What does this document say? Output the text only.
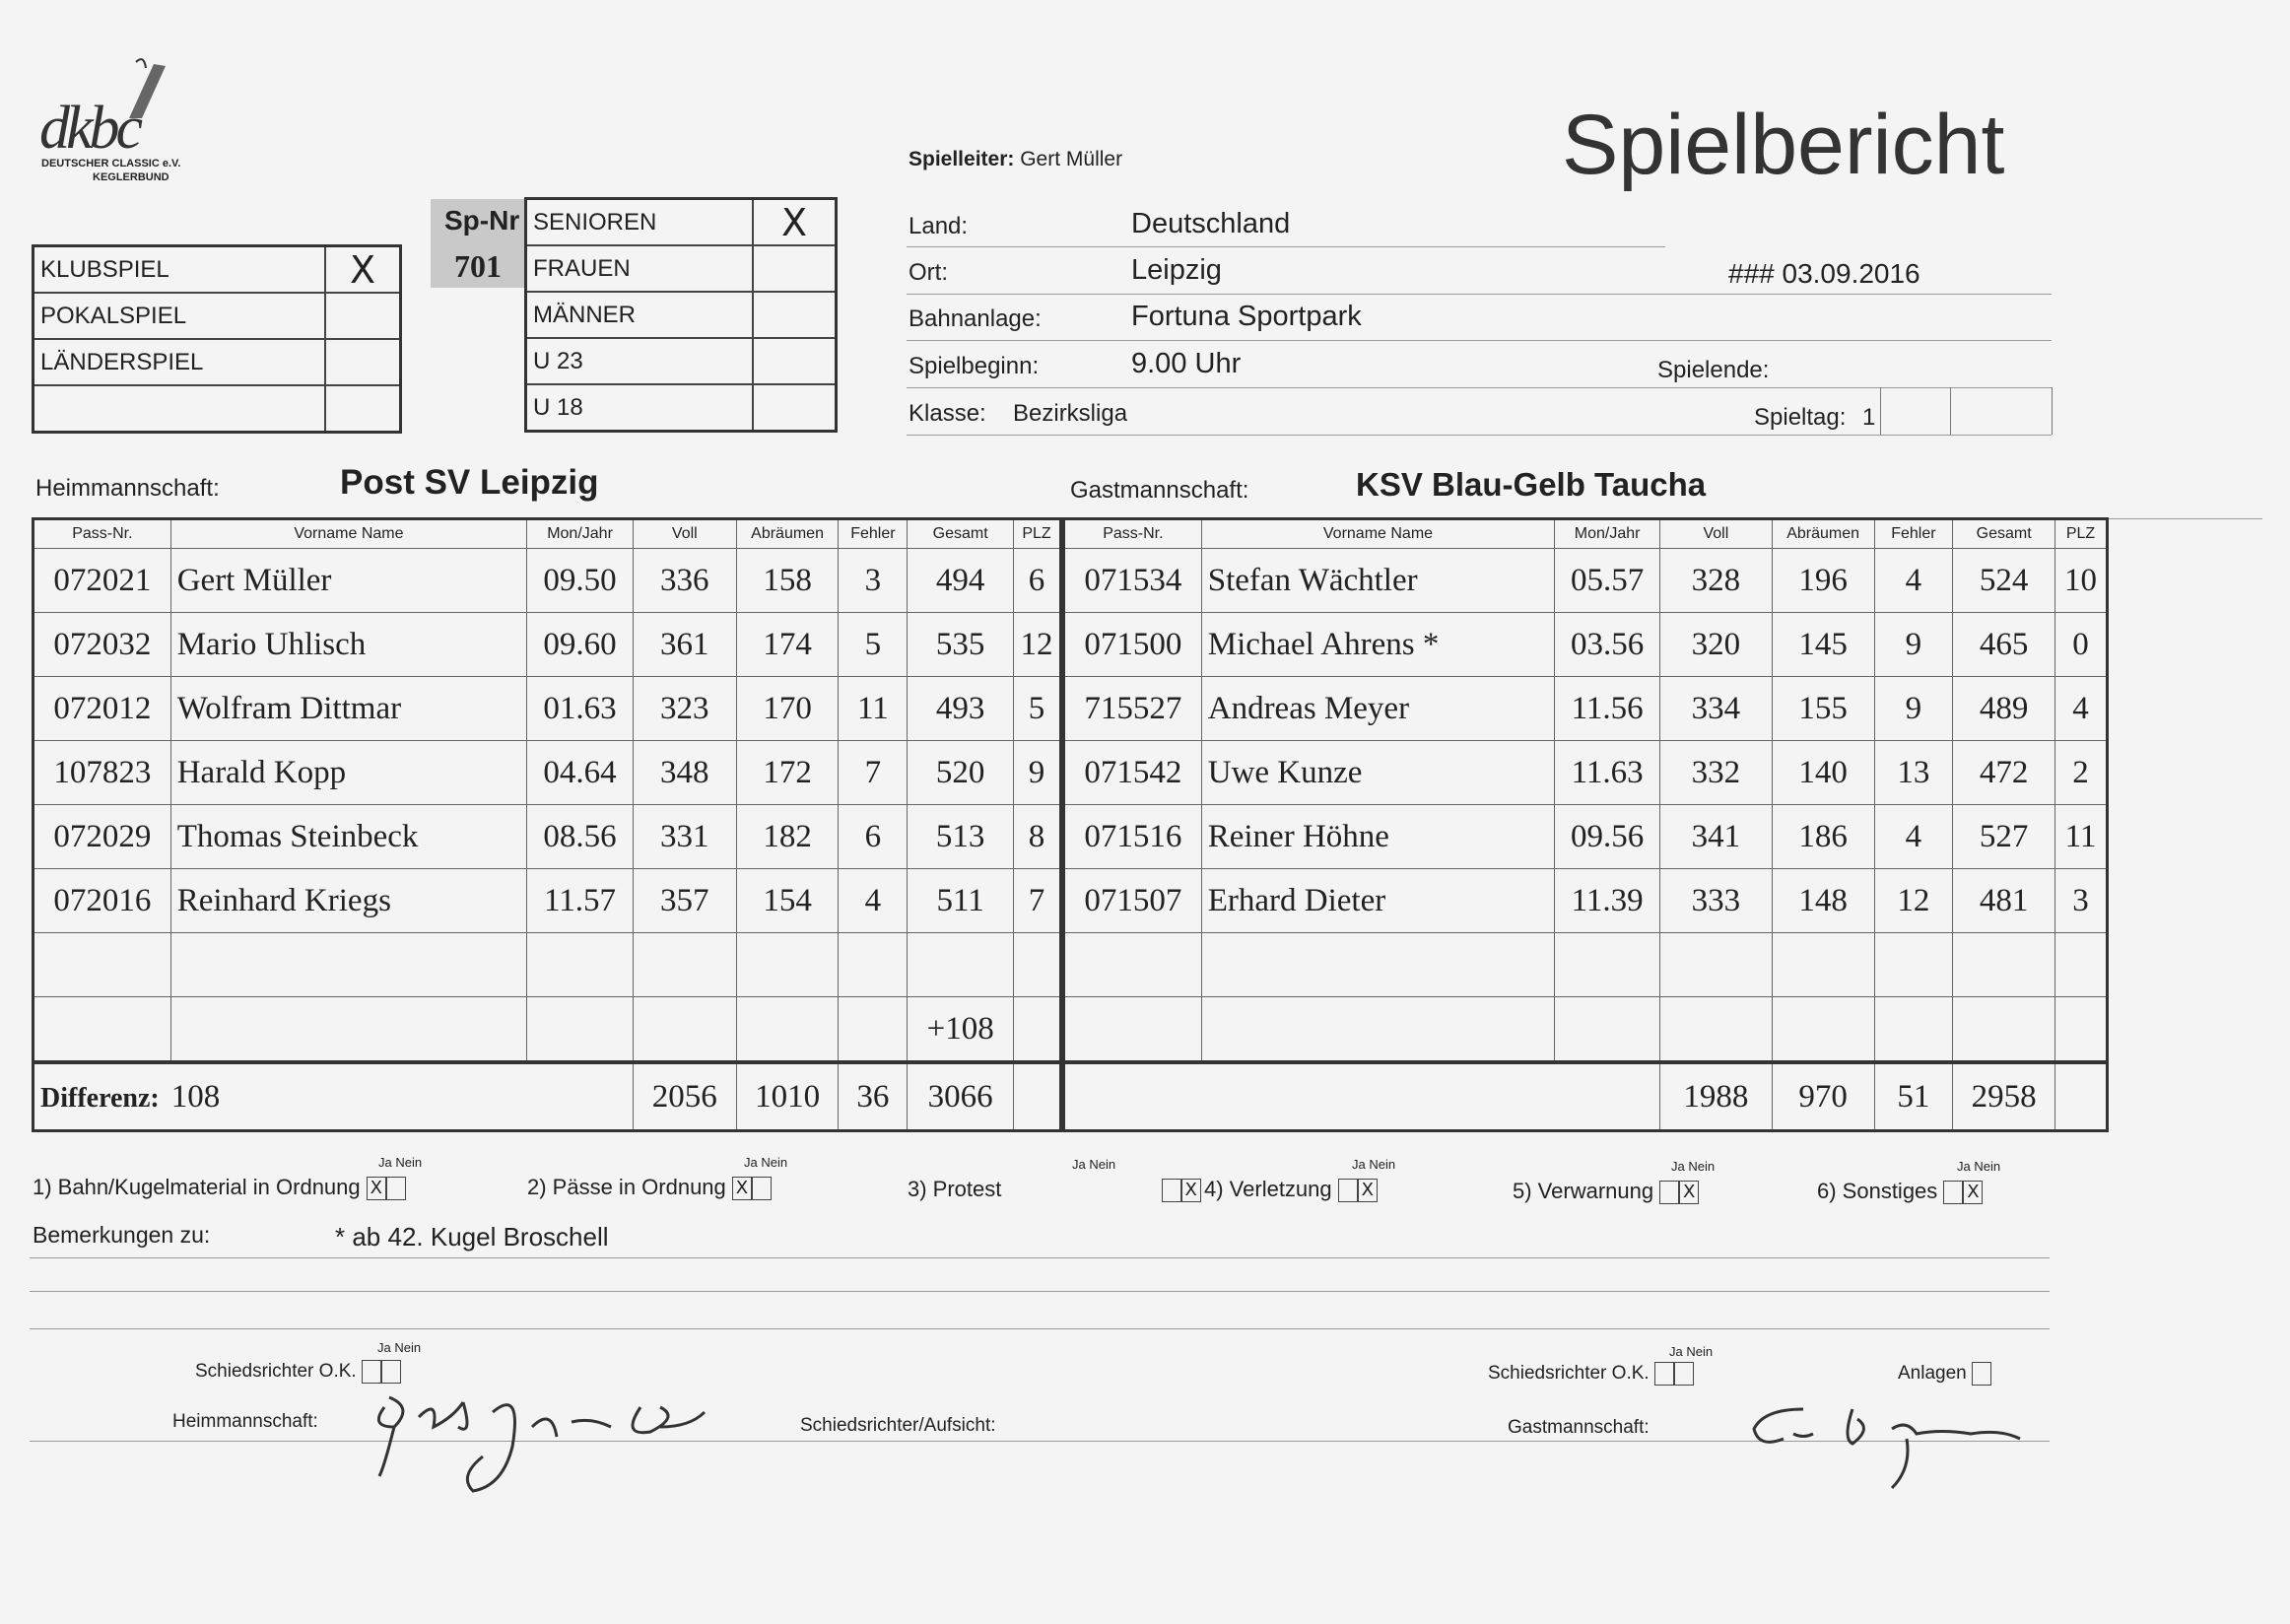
dkbc
DEUTSCHER CLASSIC e.V.
KEGLERBUND	Spielbericht
Spielleiter: Gert Müller
KLUBSPIEL	X
POKALSPIEL	
LÄNDERSPIEL	

Sp-Nr
701
SENIOREN	X
FRAUEN	
MÄNNER	
U 23	
U 18	
Land:	Deutschland
Ort:	Leipzig	### 03.09.2016
Bahnanlage:	Fortuna Sportpark
Spielbeginn:	9.00 Uhr	Spielende:
Klasse: Bezirksliga	Spieltag: 1
Heimmannschaft:	Post SV Leipzig	Gastmannschaft:	KSV Blau-Gelb Taucha
Pass-Nr.	Vorname Name	Mon/Jahr	Voll	Abräumen	Fehler	Gesamt	PLZ
072021	Gert Müller	09.50	336	158	3	494	6
072032	Mario Uhlisch	09.60	361	174	5	535	12
072012	Wolfram Dittmar	01.63	323	170	11	493	5
107823	Harald Kopp	04.64	348	172	7	520	9
072029	Thomas Steinbeck	08.56	331	182	6	513	8
072016	Reinhard Kriegs	11.57	357	154	4	511	7

						+108	
Differenz: 108			2056	1010	36	3066	
Pass-Nr.	Vorname Name	Mon/Jahr	Voll	Abräumen	Fehler	Gesamt	PLZ
071534	Stefan Wächtler	05.57	328	196	4	524	10
071500	Michael Ahrens *	03.56	320	145	9	465	0
715527	Andreas Meyer	11.56	334	155	9	489	4
071542	Uwe Kunze	11.63	332	140	13	472	2
071516	Reiner Höhne	09.56	341	186	4	527	11
071507	Erhard Dieter	11.39	333	148	12	481	3

			1988	970	51	2958	
1) Bahn/Kugelmaterial in Ordnung X	2) Pässe in Ordnung X	3) Protest	X 4) Verletzung X	5) Verwarnung X	6) Sonstiges X
Ja Nein	Ja Nein	Ja Nein	Ja Nein	Ja Nein	Ja Nein
Bemerkungen zu:	* ab 42. Kugel Broschell
Ja Nein
Schiedsrichter O.K.
Ja Nein
Schiedsrichter O.K.	Anlagen
Heimmannschaft:	Schiedsrichter/Aufsicht:	Gastmannschaft:
